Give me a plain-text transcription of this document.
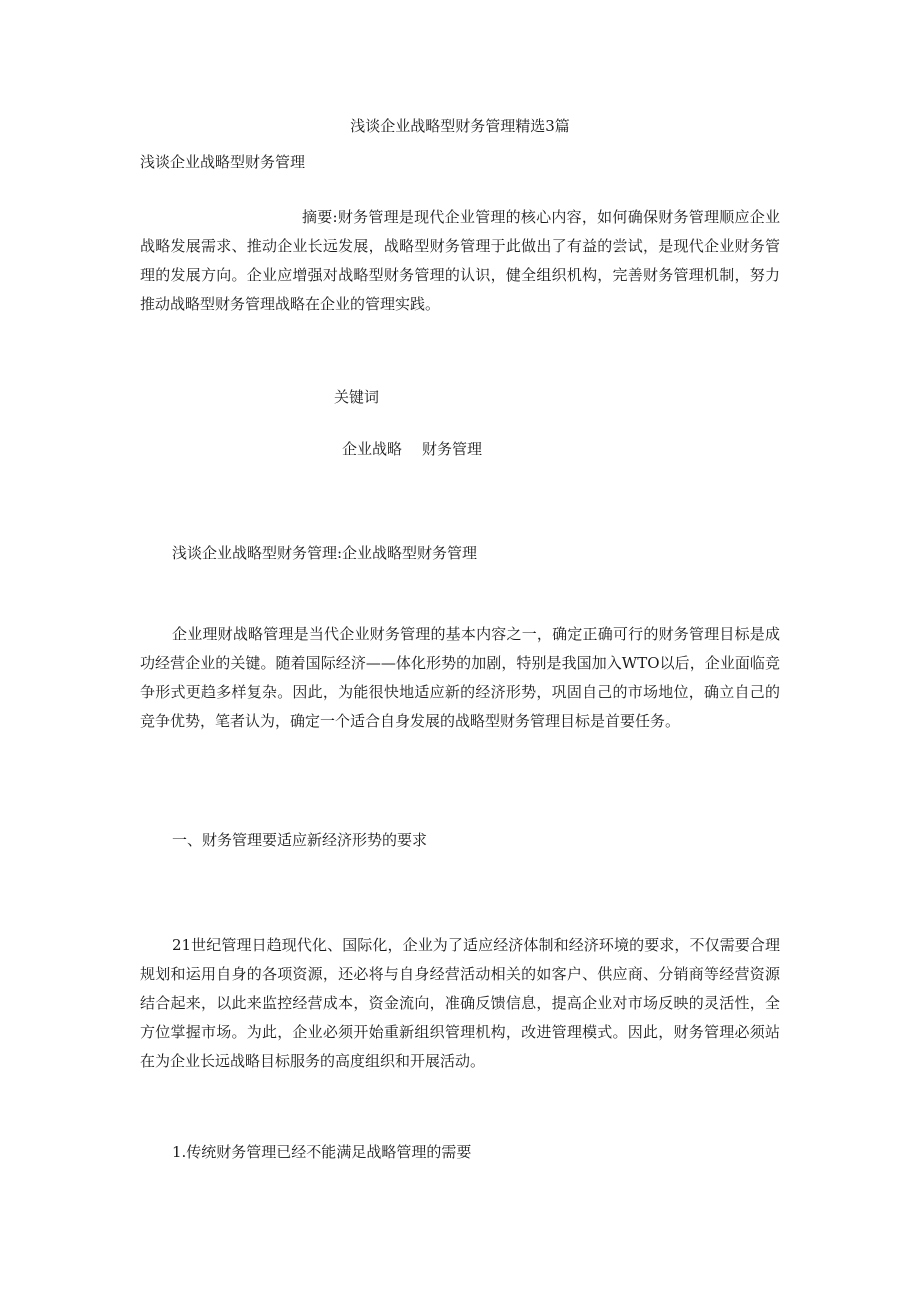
浅谈企业战略型财务管理精选3篇
浅谈企业战略型财务管理
摘要:财务管理是现代企业管理的核心内容，如何确保财务管理顺应企业战略发展需求、推动企业长远发展，战略型财务管理于此做出了有益的尝试，是现代企业财务管理的发展方向。企业应增强对战略型财务管理的认识，健全组织机构，完善财务管理机制，努力推动战略型财务管理战略在企业的管理实践。
关键词
企业战略 财务管理
浅谈企业战略型财务管理:企业战略型财务管理
企业理财战略管理是当代企业财务管理的基本内容之一，确定正确可行的财务管理目标是成功经营企业的关键。随着国际经济——体化形势的加剧，特别是我国加入WTO以后，企业面临竞争形式更趋多样复杂。因此，为能很快地适应新的经济形势，巩固自己的市场地位，确立自己的竞争优势，笔者认为，确定一个适合自身发展的战略型财务管理目标是首要任务。
一、财务管理要适应新经济形势的要求
21世纪管理日趋现代化、国际化，企业为了适应经济体制和经济环境的要求，不仅需要合理规划和运用自身的各项资源，还必将与自身经营活动相关的如客户、供应商、分销商等经营资源结合起来，以此来监控经营成本，资金流向，准确反馈信息，提高企业对市场反映的灵活性，全方位掌握市场。为此，企业必须开始重新组织管理机构，改进管理模式。因此，财务管理必须站在为企业长远战略目标服务的高度组织和开展活动。
1.传统财务管理已经不能满足战略管理的需要
